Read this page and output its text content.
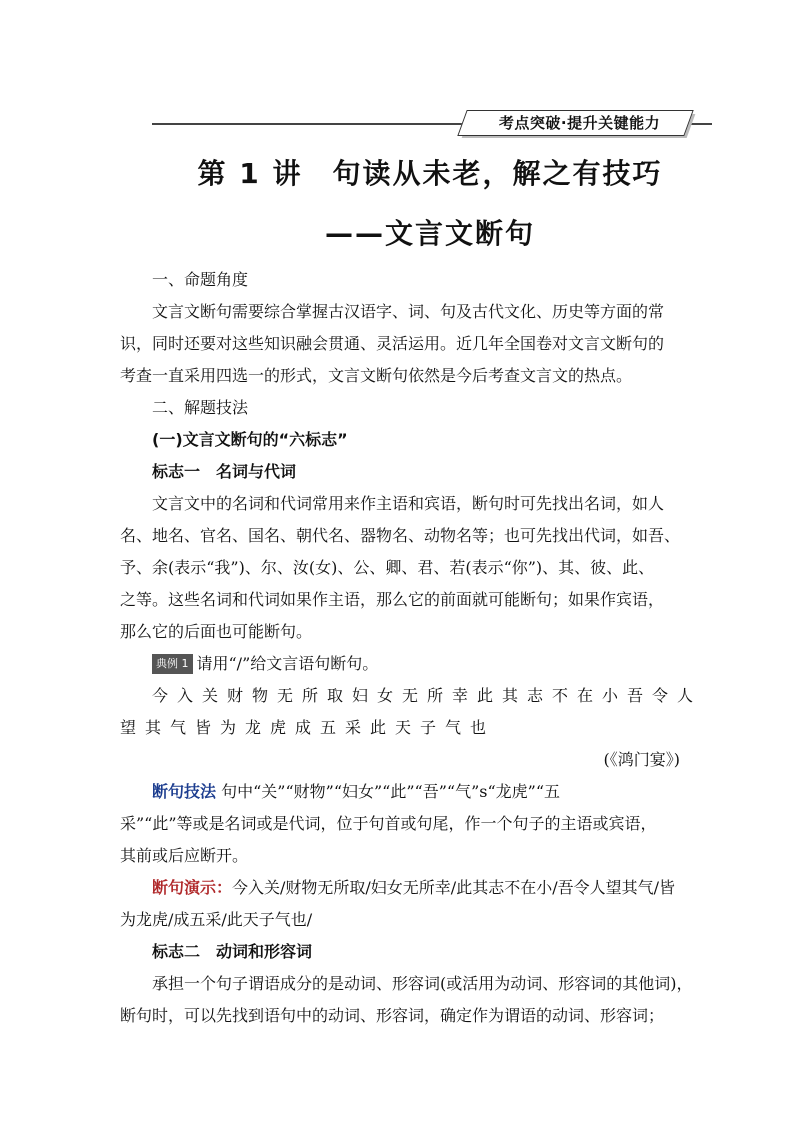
考点突破·提升关键能力
第 1 讲　句读从未老，解之有技巧
——文言文断句
一、命题角度
文言文断句需要综合掌握古汉语字、词、句及古代文化、历史等方面的常
识，同时还要对这些知识融会贯通、灵活运用。近几年全国卷对文言文断句的
考查一直采用四选一的形式，文言文断句依然是今后考查文言文的热点。
二、解题技法
(一)文言文断句的“六标志”
标志一　名词与代词
文言文中的名词和代词常用来作主语和宾语，断句时可先找出名词，如人
名、地名、官名、国名、朝代名、器物名、动物名等；也可先找出代词，如吾、
予、余(表示“我”)、尔、汝(女)、公、卿、君、若(表示“你”)、其、彼、此、
之等。这些名词和代词如果作主语，那么它的前面就可能断句；如果作宾语，
那么它的后面也可能断句。
典例 1 请用“/”给文言语句断句。
今入关财物无所取妇女无所幸此其志不在小吾令人
望其气皆为龙虎成五采此天子气也
(《鸿门宴》)
断句技法 句中“关”“财物”“妇女”“此”“吾”“气”s“龙虎”“五
采”“此”等或是名词或是代词，位于句首或句尾，作一个句子的主语或宾语，
其前或后应断开。
断句演示：今入关/财物无所取/妇女无所幸/此其志不在小/吾令人望其气/皆
为龙虎/成五采/此天子气也/
标志二　动词和形容词
承担一个句子谓语成分的是动词、形容词(或活用为动词、形容词的其他词)，
断句时，可以先找到语句中的动词、形容词，确定作为谓语的动词、形容词；
